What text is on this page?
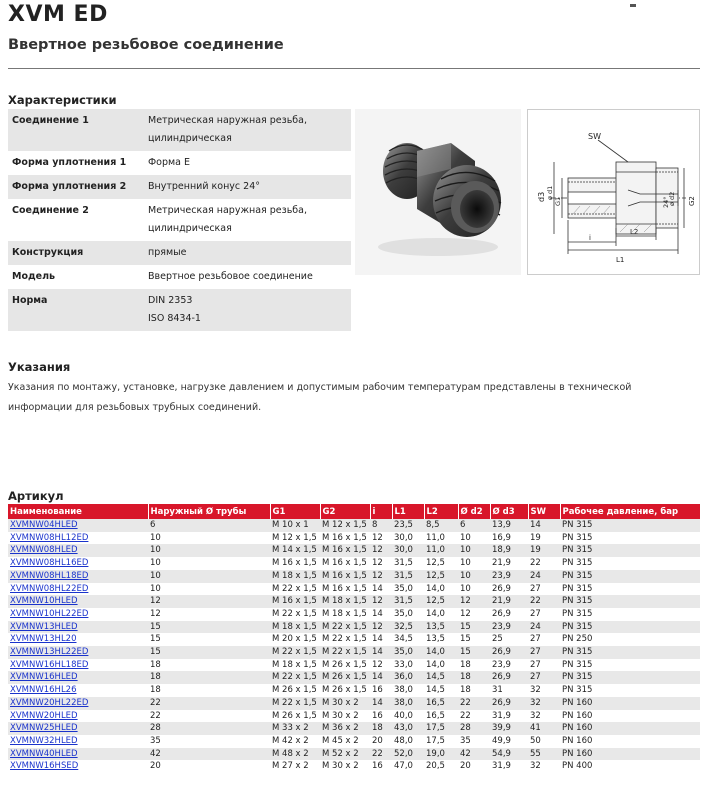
XVM ED
Ввертное резьбовое соединение
Характеристики
Соединение 1	Метрическая наружная резьба,
цилиндрическая

Форма уплотнения 1	Форма E

Форма уплотнения 2	Внутренний конус 24°

Соединение 2	Метрическая наружная резьба,
цилиндрическая

Конструкция	прямые

Модель	Ввертное резьбовое соединение

Норма	DIN 2353
ISO 8434-1
SW
d3 ø d1
G1	ø d2
24°	G2
i
L2
L1
Указания
Указания по монтажу, установке, нагрузке давлением и допустимым рабочим температурам представлены в технической информации для резьбовых трубных соединений.
Артикул
Наименование	Наружный Ø трубы	G1	G2	i	L1	L2	Ø d2	Ø d3	SW	Рабочее давление, бар
XVMNW04HLED	6	M 10 x 1	M 12 x 1,5	8	23,5	8,5	6	13,9	14	PN 315
XVMNW08HL12ED	10	M 12 x 1,5	M 16 x 1,5	12	30,0	11,0	10	16,9	19	PN 315
XVMNW08HLED	10	M 14 x 1,5	M 16 x 1,5	12	30,0	11,0	10	18,9	19	PN 315
XVMNW08HL16ED	10	M 16 x 1,5	M 16 x 1,5	12	31,5	12,5	10	21,9	22	PN 315
XVMNW08HL18ED	10	M 18 x 1,5	M 16 x 1,5	12	31,5	12,5	10	23,9	24	PN 315
XVMNW08HL22ED	10	M 22 x 1,5	M 16 x 1,5	14	35,0	14,0	10	26,9	27	PN 315
XVMNW10HLED	12	M 16 x 1,5	M 18 x 1,5	12	31,5	12,5	12	21,9	22	PN 315
XVMNW10HL22ED	12	M 22 x 1,5	M 18 x 1,5	14	35,0	14,0	12	26,9	27	PN 315
XVMNW13HLED	15	M 18 x 1,5	M 22 x 1,5	12	32,5	13,5	15	23,9	24	PN 315
XVMNW13HL20	15	M 20 x 1,5	M 22 x 1,5	14	34,5	13,5	15	25	27	PN 250
XVMNW13HL22ED	15	M 22 x 1,5	M 22 x 1,5	14	35,0	14,0	15	26,9	27	PN 315
XVMNW16HL18ED	18	M 18 x 1,5	M 26 x 1,5	12	33,0	14,0	18	23,9	27	PN 315
XVMNW16HLED	18	M 22 x 1,5	M 26 x 1,5	14	36,0	14,5	18	26,9	27	PN 315
XVMNW16HL26	18	M 26 x 1,5	M 26 x 1,5	16	38,0	14,5	18	31	32	PN 315
XVMNW20HL22ED	22	M 22 x 1,5	M 30 x 2	14	38,0	16,5	22	26,9	32	PN 160
XVMNW20HLED	22	M 26 x 1,5	M 30 x 2	16	40,0	16,5	22	31,9	32	PN 160
XVMNW25HLED	28	M 33 x 2	M 36 x 2	18	43,0	17,5	28	39,9	41	PN 160
XVMNW32HLED	35	M 42 x 2	M 45 x 2	20	48,0	17,5	35	49,9	50	PN 160
XVMNW40HLED	42	M 48 x 2	M 52 x 2	22	52,0	19,0	42	54,9	55	PN 160
XVMNW16HSED	20	M 27 x 2	M 30 x 2	16	47,0	20,5	20	31,9	32	PN 400
